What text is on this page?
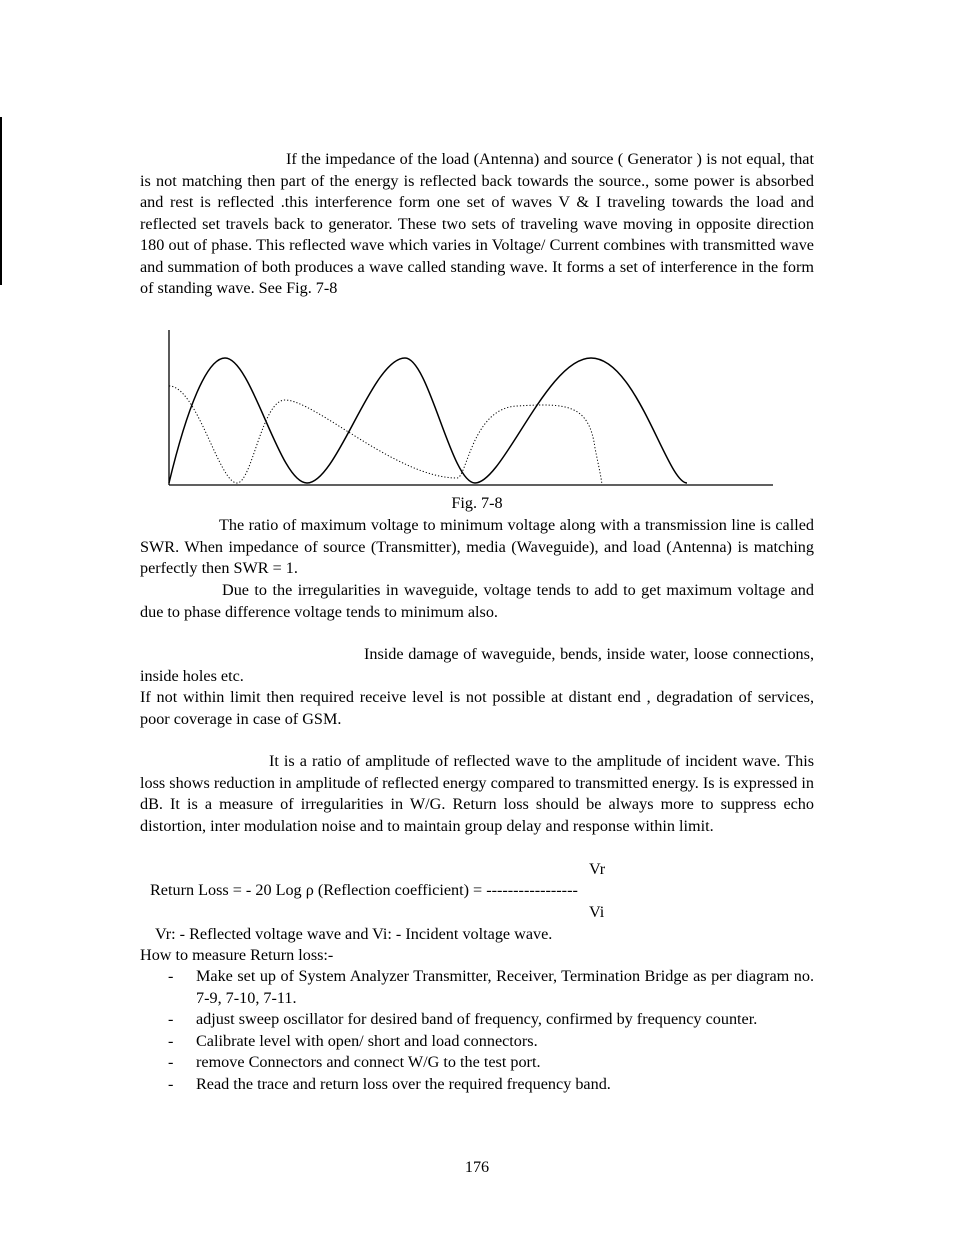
If the impedance of the load (Antenna) and source ( Generator ) is not equal, that is not matching then part of the energy is reflected back towards the source., some power is absorbed and rest is reflected .this interference form one set of waves V & I traveling towards the load and reflected set travels back to generator. These two sets of traveling wave moving in opposite direction 180 out of phase. This reflected wave which varies in Voltage/ Current combines with transmitted wave and summation of both produces a wave called standing wave. It forms a set of interference in the form of standing wave. See Fig. 7-8
Fig. 7-8
The ratio of maximum voltage to minimum voltage along with a transmission line is called SWR. When impedance of source (Transmitter), media (Waveguide), and load (Antenna) is matching perfectly then SWR = 1.
Due to the irregularities in waveguide, voltage tends to add to get maximum voltage and due to phase difference voltage tends to minimum also.
Inside damage of waveguide, bends, inside water, loose connections, inside holes etc.
If not within limit then required receive level is not possible at distant end , degradation of services, poor coverage in case of GSM.
It is a ratio of amplitude of reflected wave to the amplitude of incident wave. This loss shows reduction in amplitude of reflected energy compared to transmitted energy. Is is expressed in dB. It is a measure of irregularities in W/G. Return loss should be always more to suppress echo distortion, inter modulation noise and to maintain group delay and response within limit.
Vr
Return Loss = - 20 Log ρ (Reflection coefficient) = -----------------
Vi
Vr: - Reflected voltage wave and Vi: - Incident voltage wave.
How to measure Return loss:-
- Make set up of System Analyzer Transmitter, Receiver, Termination Bridge as per diagram no. 7-9, 7-10, 7-11.
- adjust sweep oscillator for desired band of frequency, confirmed by frequency counter.
- Calibrate level with open/ short and load connectors.
- remove Connectors and connect W/G to the test port.
- Read the trace and return loss over the required frequency band.
176
